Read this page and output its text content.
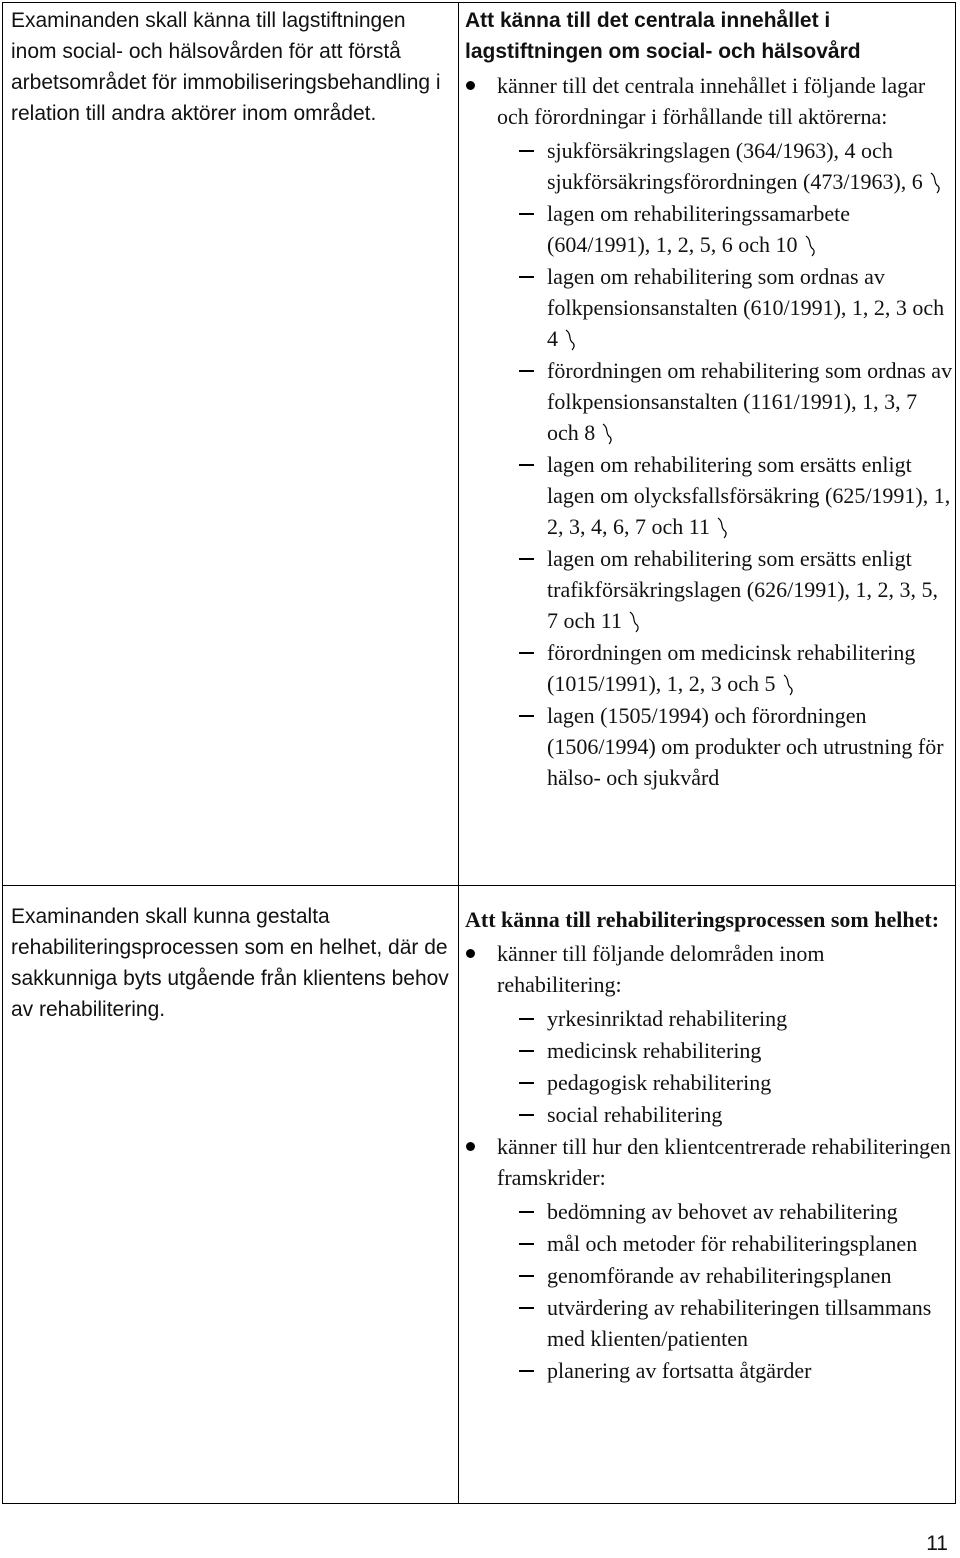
Examinanden skall känna till lagstiftningen inom social- och hälsovården för att förstå arbetsområdet för immobiliseringsbehandling i relation till andra aktörer inom området.
Examinanden skall kunna gestalta rehabiliteringsprocessen som en helhet, där de sakkunniga byts utgående från klientens behov av rehabilitering.

Att känna till det centrala innehållet i lagstiftningen om social- och hälsovård

känner till det centrala innehållet i följande lagar och förordningar i förhållande till aktörerna:
sjukförsäkringslagen (364/1963), 4 och sjukförsäkringsförordningen (473/1963), 6
lagen om rehabiliteringssamarbete (604/1991), 1, 2, 5, 6 och 10
lagen om rehabilitering som ordnas av folkpensionsanstalten (610/1991), 1, 2, 3 och 4
förordningen om rehabilitering som ordnas av folkpensionsanstalten (1161/1991), 1, 3, 7 och 8
lagen om rehabilitering som ersätts enligt lagen om olycksfallsförsäkring (625/1991), 1, 2, 3, 4, 6, 7 och 11
lagen om rehabilitering som ersätts enligt trafikförsäkringslagen (626/1991), 1, 2, 3, 5, 7 och 11
förordningen om medicinsk rehabilitering (1015/1991), 1, 2, 3 och 5
lagen (1505/1994) och förordningen (1506/1994) om produkter och utrustning för hälso- och sjukvård

Att känna till rehabiliteringsprocessen som helhet:

känner till följande delområden inom rehabilitering:
yrkesinriktad rehabilitering
medicinsk rehabilitering
pedagogisk rehabilitering
social rehabilitering
känner till hur den klientcentrerade rehabiliteringen framskrider:
bedömning av behovet av rehabilitering
mål och metoder för rehabiliteringsplanen
genomförande av rehabiliteringsplanen
utvärdering av rehabiliteringen tillsammans med klienten/patienten
planering av fortsatta åtgärder
11
